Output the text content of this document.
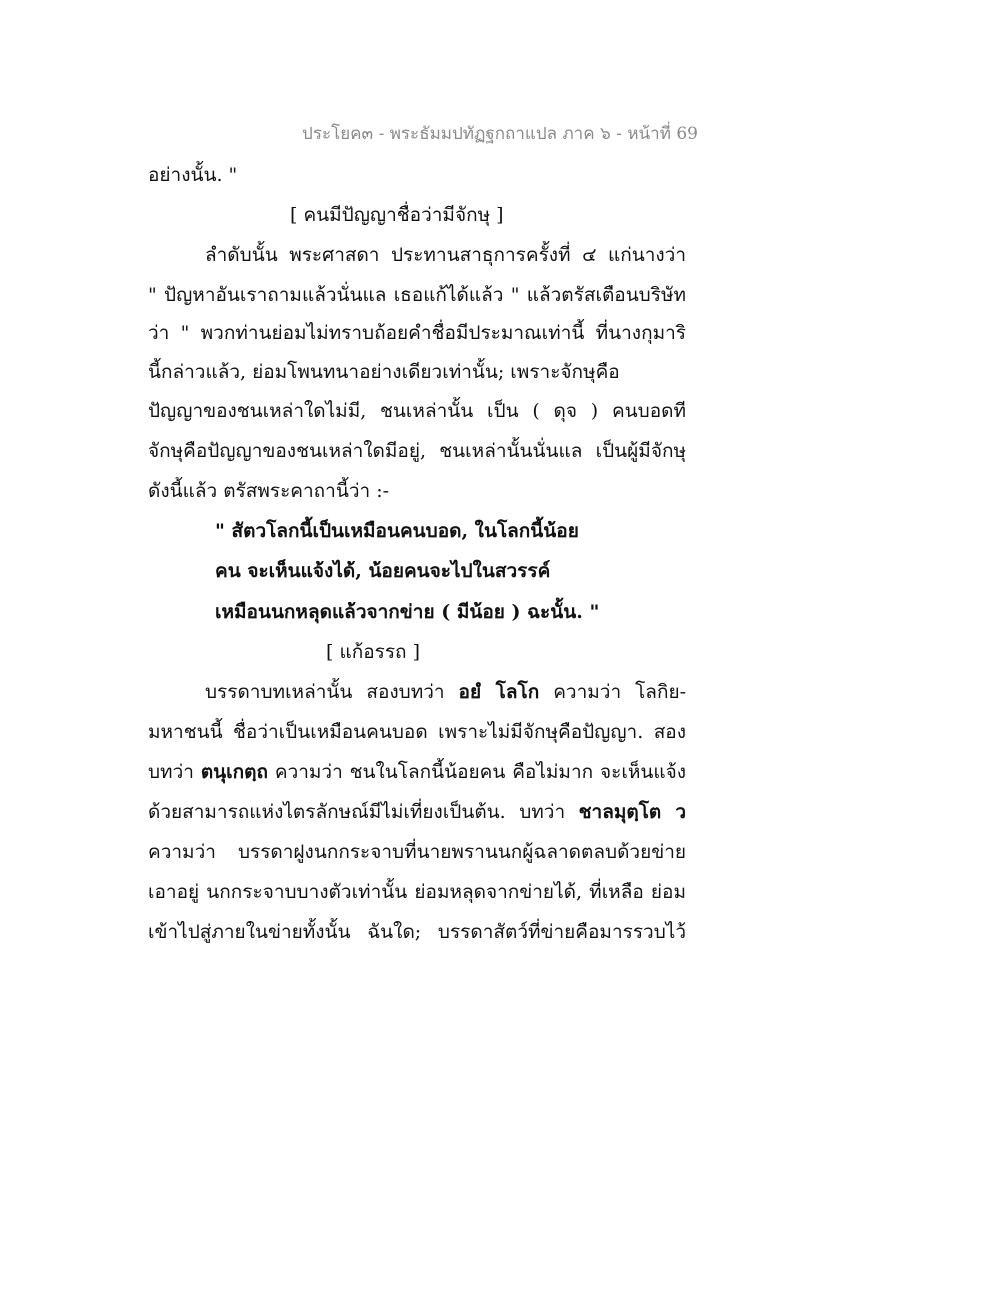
ประโยค๓ - พระธัมมปทัฏฐกถาแปล ภาค ๖ - หน้าที่ 69
อย่างนั้น. "
[ คนมีปัญญาชื่อว่ามีจักษุ ]
ลำดับนั้น พระศาสดา ประทานสาธุการครั้งที่ ๔ แก่นางว่า
" ปัญหาอันเราถามแล้วนั่นแล เธอแก้ได้แล้ว " แล้วตรัสเตือนบริษัท
ว่า " พวกท่านย่อมไม่ทราบถ้อยคำชื่อมีประมาณเท่านี้ ที่นางกุมาริ
นี้กล่าวแล้ว, ย่อมโพนทนาอย่างเดียวเท่านั้น; เพราะจักษุคือ
ปัญญาของชนเหล่าใดไม่มี, ชนเหล่านั้น เป็น ( ดุจ ) คนบอดที
จักษุคือปัญญาของชนเหล่าใดมีอยู่, ชนเหล่านั้นนั่นแล เป็นผู้มีจักษุ
ดังนี้แล้ว ตรัสพระคาถานี้ว่า :-
" สัตวโลกนี้เป็นเหมือนคนบอด, ในโลกนี้น้อย
คน จะเห็นแจ้งได้, น้อยคนจะไปในสวรรค์
เหมือนนกหลุดแล้วจากข่าย ( มีน้อย ) ฉะนั้น. "
[ แก้อรรถ ]
บรรดาบทเหล่านั้น สองบทว่า อยํ โลโก ความว่า โลกิย-
มหาชนนี้ ชื่อว่าเป็นเหมือนคนบอด เพราะไม่มีจักษุคือปัญญา. สอง
บทว่า ตนุเกตฺถ ความว่า ชนในโลกนี้น้อยคน คือไม่มาก จะเห็นแจ้ง
ด้วยสามารถแห่งไตรลักษณ์มีไม่เที่ยงเป็นต้น. บทว่า ชาลมุตฺโต ว
ความว่า บรรดาฝูงนกกระจาบที่นายพรานนกผู้ฉลาดตลบด้วยข่าย
เอาอยู่ นกกระจาบบางตัวเท่านั้น ย่อมหลุดจากข่ายได้, ที่เหลือ ย่อม
เข้าไปสู่ภายในข่ายทั้งนั้น ฉันใด; บรรดาสัตว์ที่ข่ายคือมารรวบไว้
